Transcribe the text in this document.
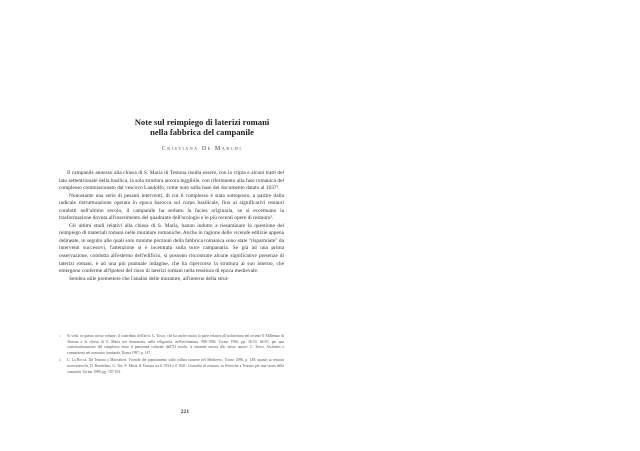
Note sul reimpiego di laterizi romani
nella fabbrica del campanile
Cristiana De Marchi

Il campanile annesso alla chiesa di S. Maria di Testona risulta essere, con la cripta e alcuni tratti del lato settentrionale della basilica, la sola struttura ancora leggibile, con riferimento alla fase romanica del complesso commissionato dal vescovo Landolfo, come noto sulla base del documento datato al 1037¹.

Nonostante una serie di pesanti interventi, di cui il complesso è stato sottoposto, a partire dalla radicale ristrutturazione operata in epoca barocca sul corpo basilicale, fino ai significativi restauri condotti nell'ultimo secolo, il campanile ha serbato la facies originaria, se si eccettuano la trasformazione dovuta all'inserimento del quadrante dell'orologio e le più recenti opere di restauro².

Gli ultimi studi relativi alla chiesa di S. Maria, hanno indotto a riesaminare la questione del reimpiego di materiali romani nelle murature romaniche. Anche in ragione delle vicende edilizie appena delineate, in seguito alle quali solo minime porzioni della fabbrica romanica sono state "risparmiate" da interventi successivi, l'attenzione si è incentrata sulla torre campanaria. Se già ad una prima osservazione, condotta all'esterno dell'edificio, si possono riscontrare alcune significative presenze di laterizi romani, è ad una più puntuale indagine, che ha ripercorso la struttura al suo interno, che emergono conferme all'ipotesi del riuso di laterizi romani nella tessitura di epoca medievale.

Sembra utile premettere che l'analisi delle murature, all'interno della strut-

1 Si veda, in questo stesso volume, il contributo dell'arch. C. Tosco, che ha anche curato la parte relativa all'architettura nel recente Il Millennio di Testona e la chiesa di S. Maria nei documenti, nella religiosità, nell'architettura. 986-1996, Torino 1996, pp. 36-53, 66-67; per una contestualizzazione del complesso entro il panorama colturale dell'XI secolo, si rimanda ancora allo stesso autore: C. Tosco, Architetti e committenti nel romanico lombardo, Roma 1997, p. 147.
2 C. La Rocca, Da Testona a Moncalieri. Vicende del popolamento sulla collina torinese nel Medioevo, Torino 1986, p. 138; quanto ai restauri novecenteschi, D. Rondolino, G. Tes, S. Maria di Testona tra il 1934 e il 1941: Cronache di restauro, in Ricerche a Testona per una storia della comunità, Torino 1989, pp. 187-193.
221
